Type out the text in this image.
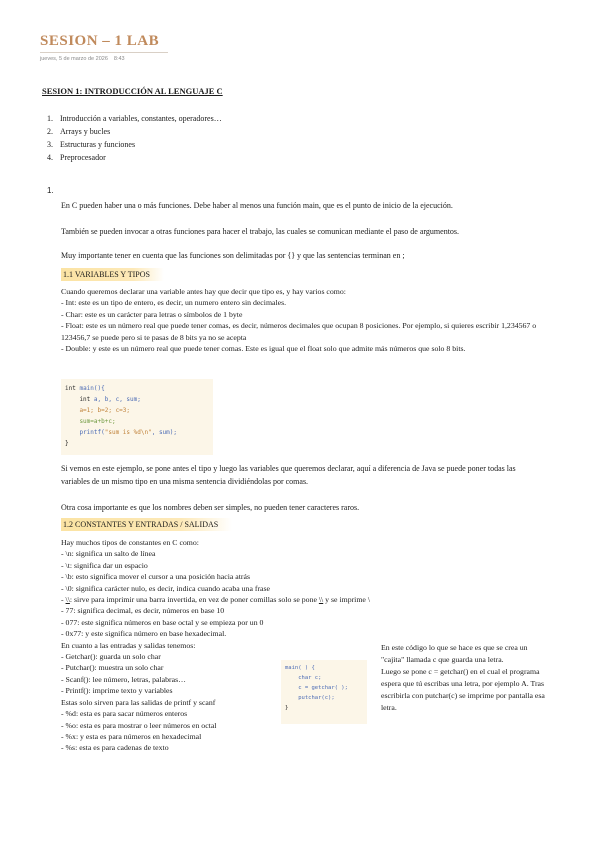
SESION – 1 LAB
jueves, 5 de marzo de 2026 8:43
SESION 1: INTRODUCCIÓN AL LENGUAJE C
1. Introducción a variables, constantes, operadores…
2. Arrays y bucles
3. Estructuras y funciones
4. Preprocesador
1.
En C pueden haber una o más funciones. Debe haber al menos una función main, que es el punto de inicio de la ejecución.
También se pueden invocar a otras funciones para hacer el trabajo, las cuales se comunican mediante el paso de argumentos.
Muy importante tener en cuenta que las funciones son delimitadas por {} y que las sentencias terminan en ;
1.1 VARIABLES Y TIPOS
Cuando queremos declarar una variable antes hay que decir que tipo es, y hay varios como:
- Int: este es un tipo de entero, es decir, un numero entero sin decimales.
- Char: este es un carácter para letras o símbolos de 1 byte
- Float: este es un número real que puede tener comas, es decir, números decimales que ocupan 8 posiciones. Por ejemplo, si quieres escribir 1,234567 o 123456,7 se puede pero si te pasas de 8 bits ya no se acepta
- Double: y este es un número real que puede tener comas. Este es igual que el float solo que admite más números que solo 8 bits.
int main(){
int a, b, c, sum;
a=1; b=2; c=3;
sum=a+b+c;
printf("sum is %d\n", sum);
}
Si vemos en este ejemplo, se pone antes el tipo y luego las variables que queremos declarar, aquí a diferencia de Java se puede poner todas las variables de un mismo tipo en una misma sentencia dividiéndolas por comas.
Otra cosa importante es que los nombres deben ser simples, no pueden tener caracteres raros.
1.2 CONSTANTES Y ENTRADAS / SALIDAS
Hay muchos tipos de constantes en C como:
- \n: significa un salto de línea
- \t: significa dar un espacio
- \b: esto significa mover el cursor a una posición hacia atrás
- \0: significa carácter nulo, es decir, indica cuando acaba una frase
- \\: sirve para imprimir una barra invertida, en vez de poner comillas solo se pone \\ y se imprime \
- 77: significa decimal, es decir, números en base 10
- 077: este significa números en base octal y se empieza por un 0
- 0x77: y este significa número en base hexadecimal.
En cuanto a las entradas y salidas tenemos:
- Getchar(): guarda un solo char
- Putchar(): muestra un solo char
- Scanf(): lee número, letras, palabras…
- Printf(): imprime texto y variables
Estas solo sirven para las salidas de printf y scanf
- %d: esta es para sacar números enteros
- %o: esta es para mostrar o leer números en octal
- %x: y esta es para números en hexadecimal
- %s: esta es para cadenas de texto
main( ) {
char c;
c = getchar( );
putchar(c);
}
En este código lo que se hace es que se crea un "cajita" llamada c que guarda una letra.
Luego se pone c = getchar() en el cual el programa espera que tú escribas una letra, por ejemplo A. Tras escribirla con putchar(c) se imprime por pantalla esa letra.
